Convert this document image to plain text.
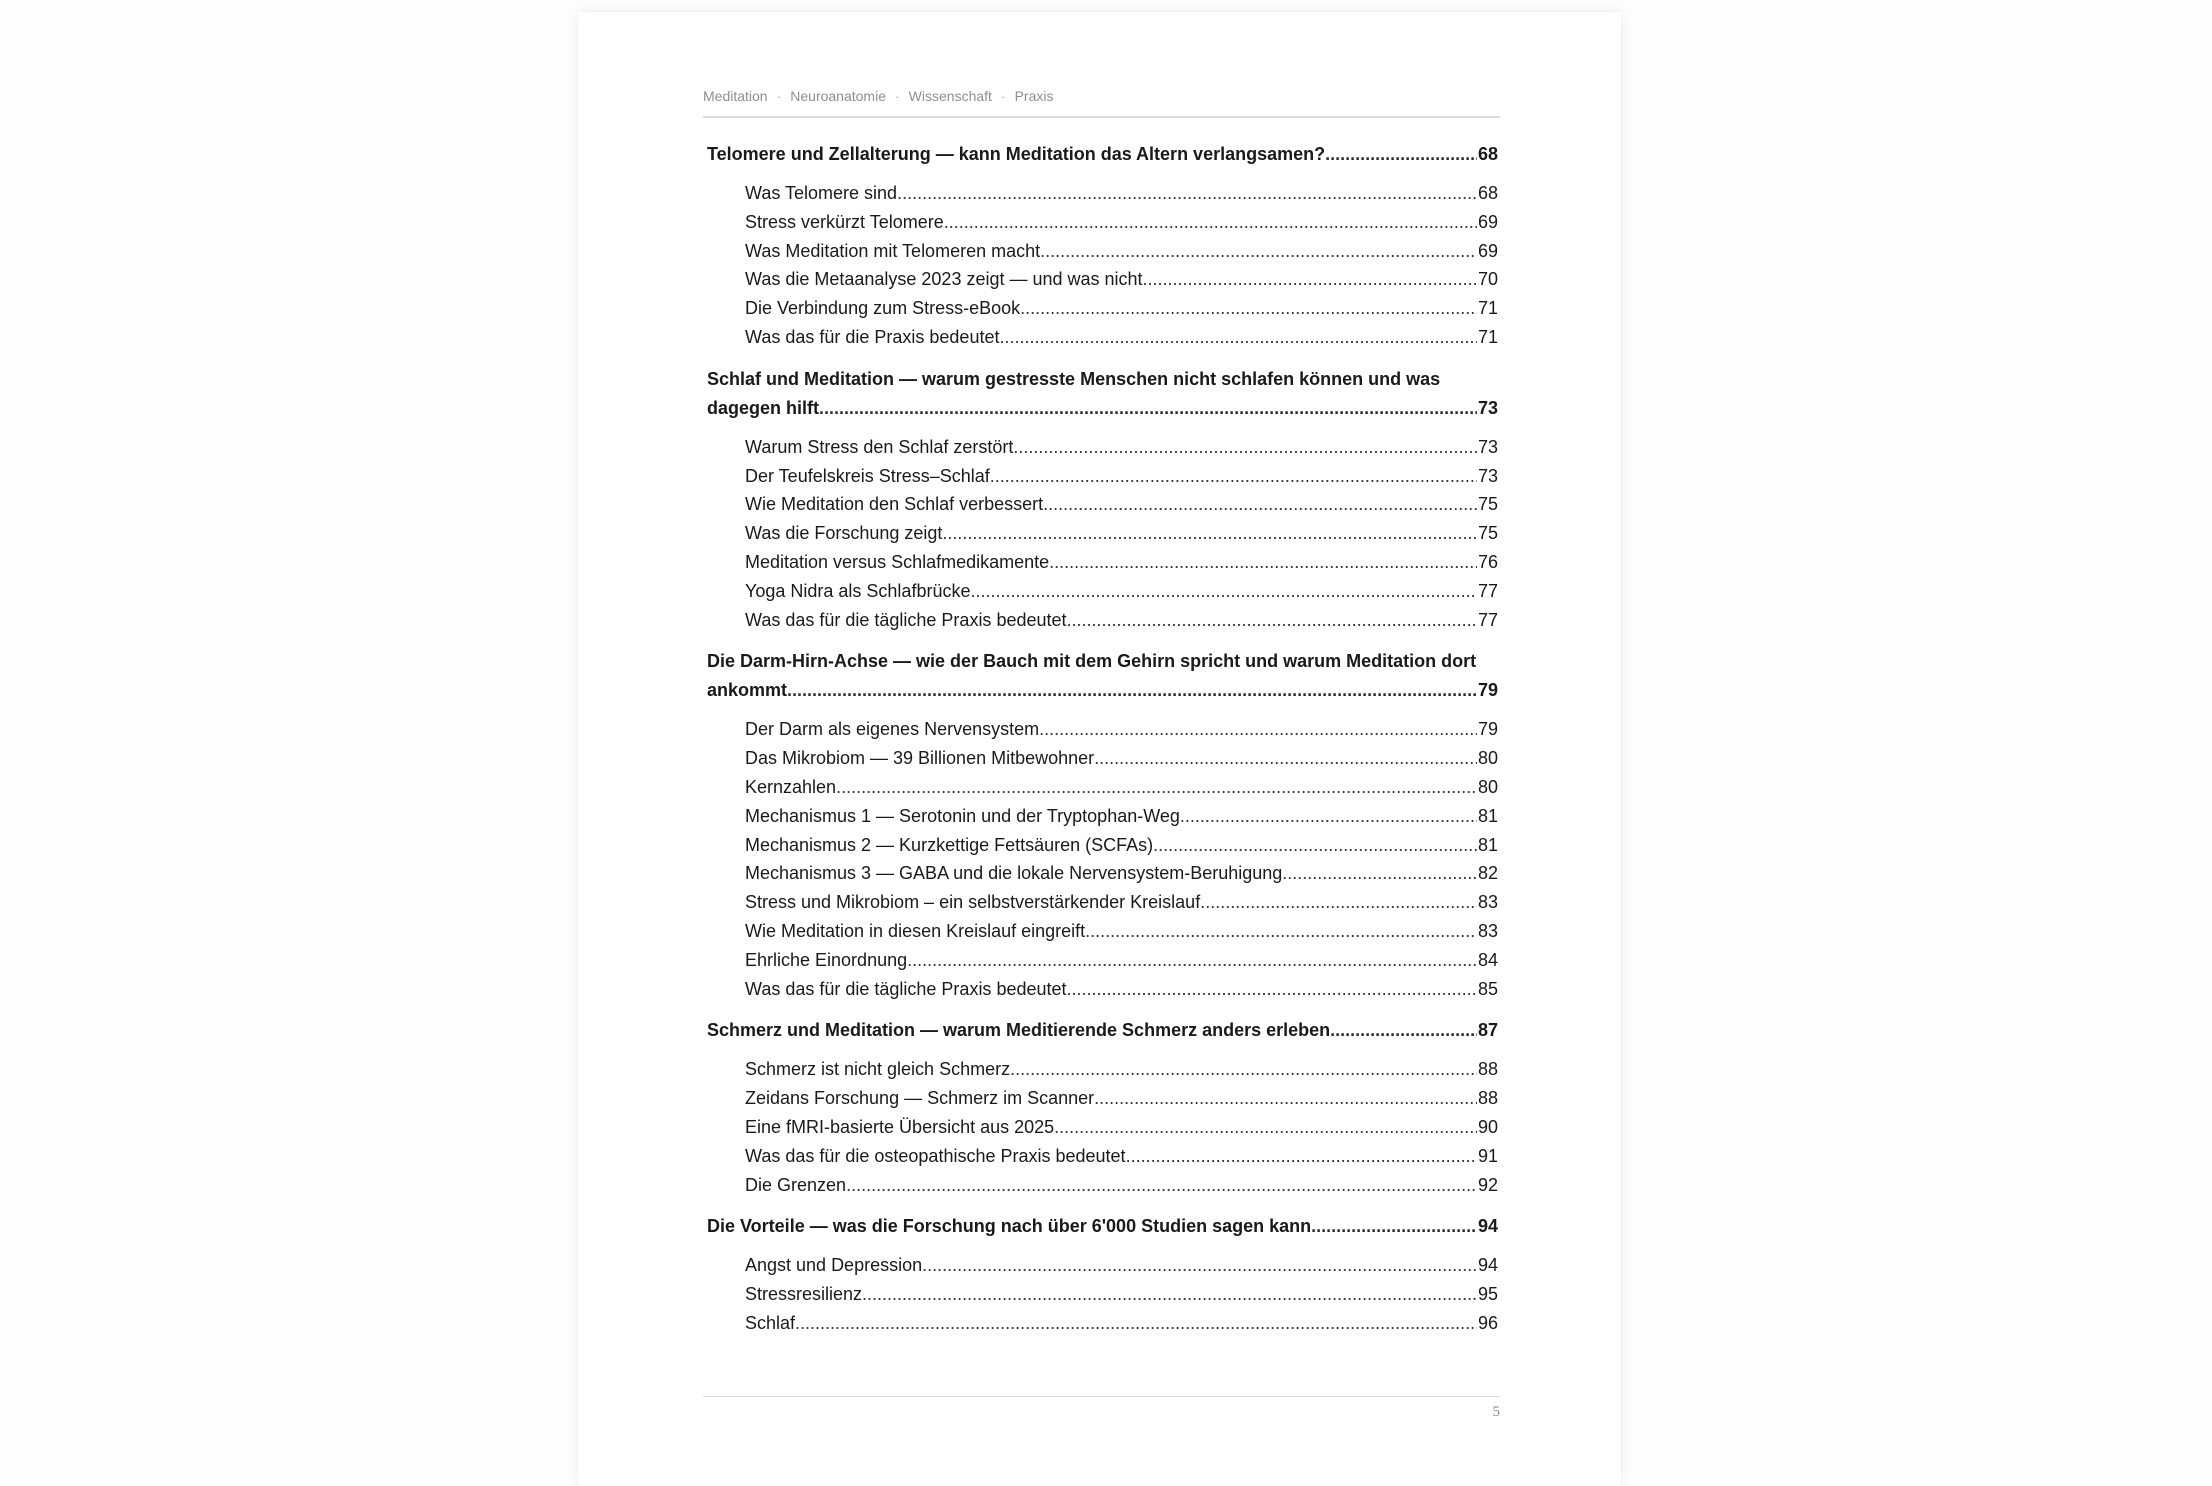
Meditation · Neuroanatomie · Wissenschaft · Praxis
Telomere und Zellalterung — kann Meditation das Altern verlangsamen? .....	68
Was Telomere sind .....	68
Stress verkürzt Telomere .....	69
Was Meditation mit Telomeren macht .....	69
Was die Metaanalyse 2023 zeigt — und was nicht .....	70
Die Verbindung zum Stress-eBook .....	71
Was das für die Praxis bedeutet .....	71
Schlaf und Meditation — warum gestresste Menschen nicht schlafen können und was
dagegen hilft .....	73
Warum Stress den Schlaf zerstört .....	73
Der Teufelskreis Stress–Schlaf .....	73
Wie Meditation den Schlaf verbessert .....	75
Was die Forschung zeigt .....	75
Meditation versus Schlafmedikamente .....	76
Yoga Nidra als Schlafbrücke .....	77
Was das für die tägliche Praxis bedeutet .....	77
Die Darm-Hirn-Achse — wie der Bauch mit dem Gehirn spricht und warum Meditation dort
ankommt .....	79
Der Darm als eigenes Nervensystem .....	79
Das Mikrobiom — 39 Billionen Mitbewohner .....	80
Kernzahlen .....	80
Mechanismus 1 — Serotonin und der Tryptophan-Weg .....	81
Mechanismus 2 — Kurzkettige Fettsäuren (SCFAs) .....	81
Mechanismus 3 — GABA und die lokale Nervensystem-Beruhigung .....	82
Stress und Mikrobiom – ein selbstverstärkender Kreislauf .....	83
Wie Meditation in diesen Kreislauf eingreift .....	83
Ehrliche Einordnung .....	84
Was das für die tägliche Praxis bedeutet .....	85
Schmerz und Meditation — warum Meditierende Schmerz anders erleben .....	87
Schmerz ist nicht gleich Schmerz .....	88
Zeidans Forschung — Schmerz im Scanner .....	88
Eine fMRI-basierte Übersicht aus 2025 .....	90
Was das für die osteopathische Praxis bedeutet .....	91
Die Grenzen .....	92
Die Vorteile — was die Forschung nach über 6'000 Studien sagen kann .....	94
Angst und Depression .....	94
Stressresilienz .....	95
Schlaf .....	96
5
